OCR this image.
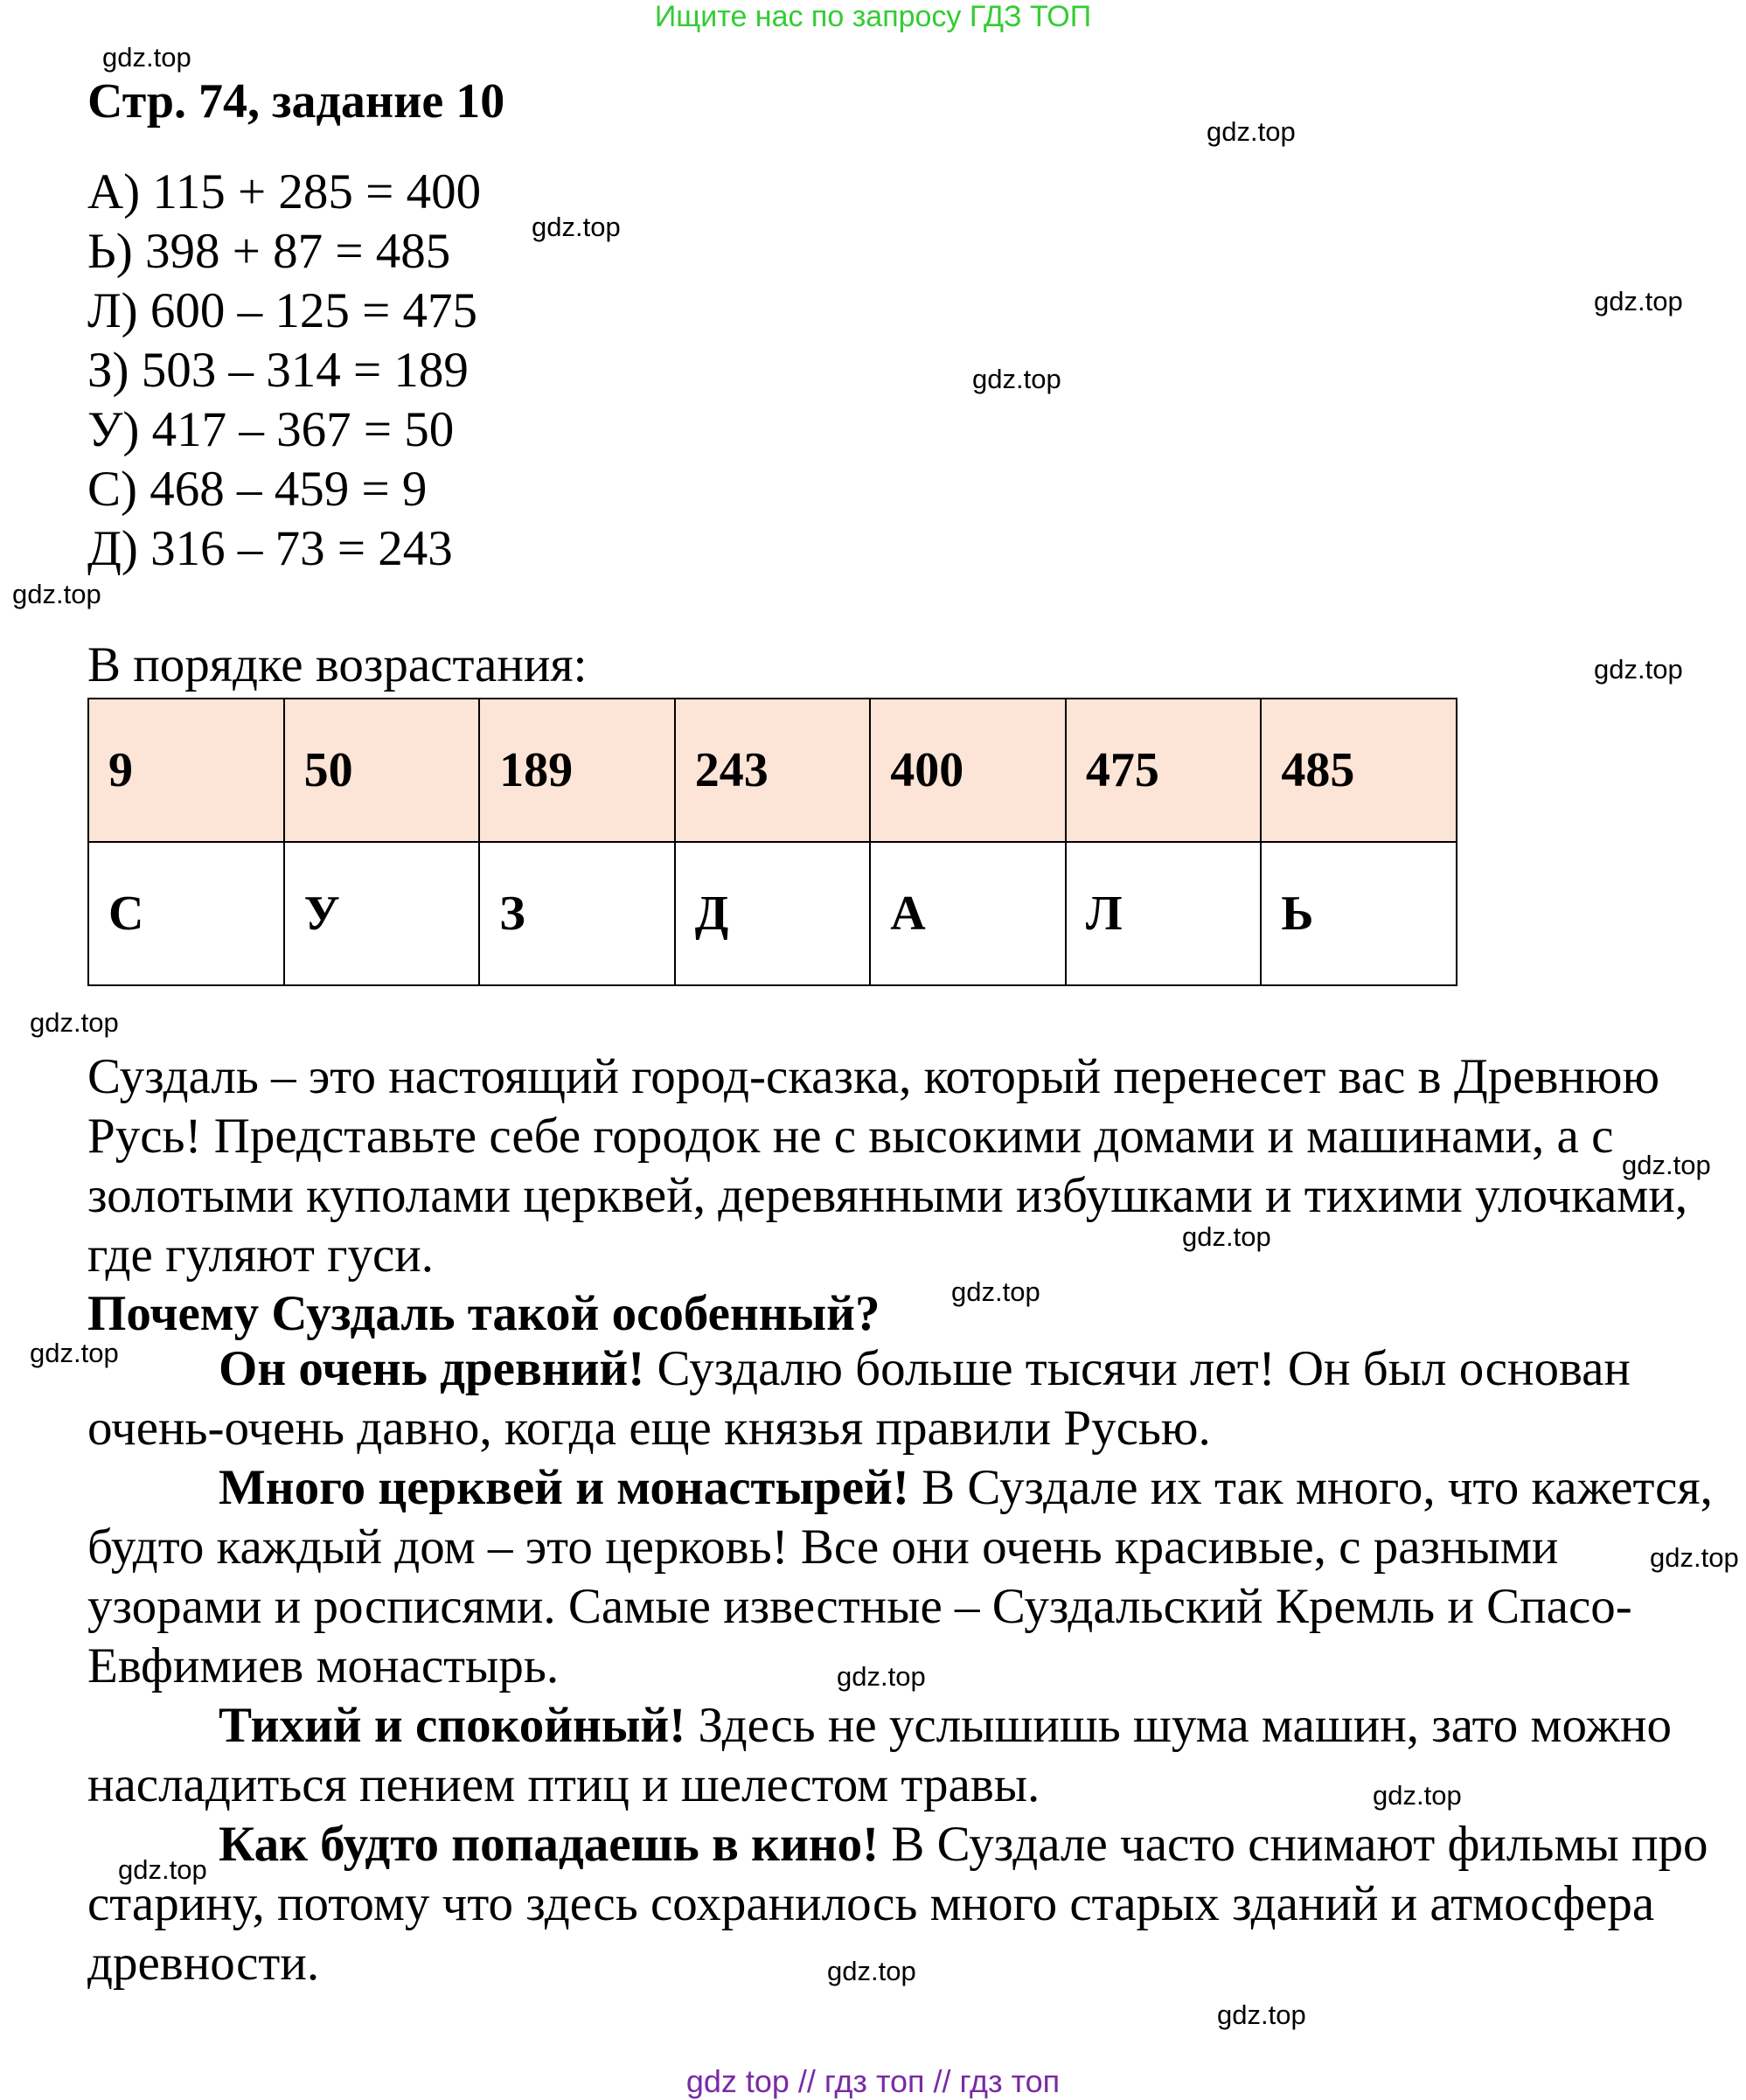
Ищите нас по запросу ГДЗ ТОП
gdz.top
gdz.top
gdz.top
gdz.top
gdz.top
gdz.top
gdz.top
gdz.top
gdz.top
gdz.top
gdz.top
gdz.top
gdz.top
gdz.top
gdz.top
gdz.top
gdz.top
gdz.top
Стр. 74, задание 10
А) 115 + 285 = 400
Ь) 398 + 87 = 485
Л) 600 – 125 = 475
З) 503 – 314 = 189
У) 417 – 367 = 50
С) 468 – 459 = 9
Д) 316 – 73 = 243
В порядке возрастания:
9	50	189	243	400	475	485
С	У	З	Д	А	Л	Ь
Суздаль – это настоящий город-сказка, который перенесет вас в Древнюю Русь! Представьте себе городок не с высокими домами и машинами, а с золотыми куполами церквей, деревянными избушками и тихими улочками, где гуляют гуси.
Почему Суздаль такой особенный?
Он очень древний! Суздалю больше тысячи лет! Он был основан очень-очень давно, когда еще князья правили Русью.
Много церквей и монастырей! В Суздале их так много, что кажется, будто каждый дом – это церковь! Все они очень красивые, с разными узорами и росписями. Самые известные – Суздальский Кремль и Спасо-Евфимиев монастырь.
Тихий и спокойный! Здесь не услышишь шума машин, зато можно насладиться пением птиц и шелестом травы.
Как будто попадаешь в кино! В Суздале часто снимают фильмы про старину, потому что здесь сохранилось много старых зданий и атмосфера древности.
gdz top // гдз топ // гдз топ
